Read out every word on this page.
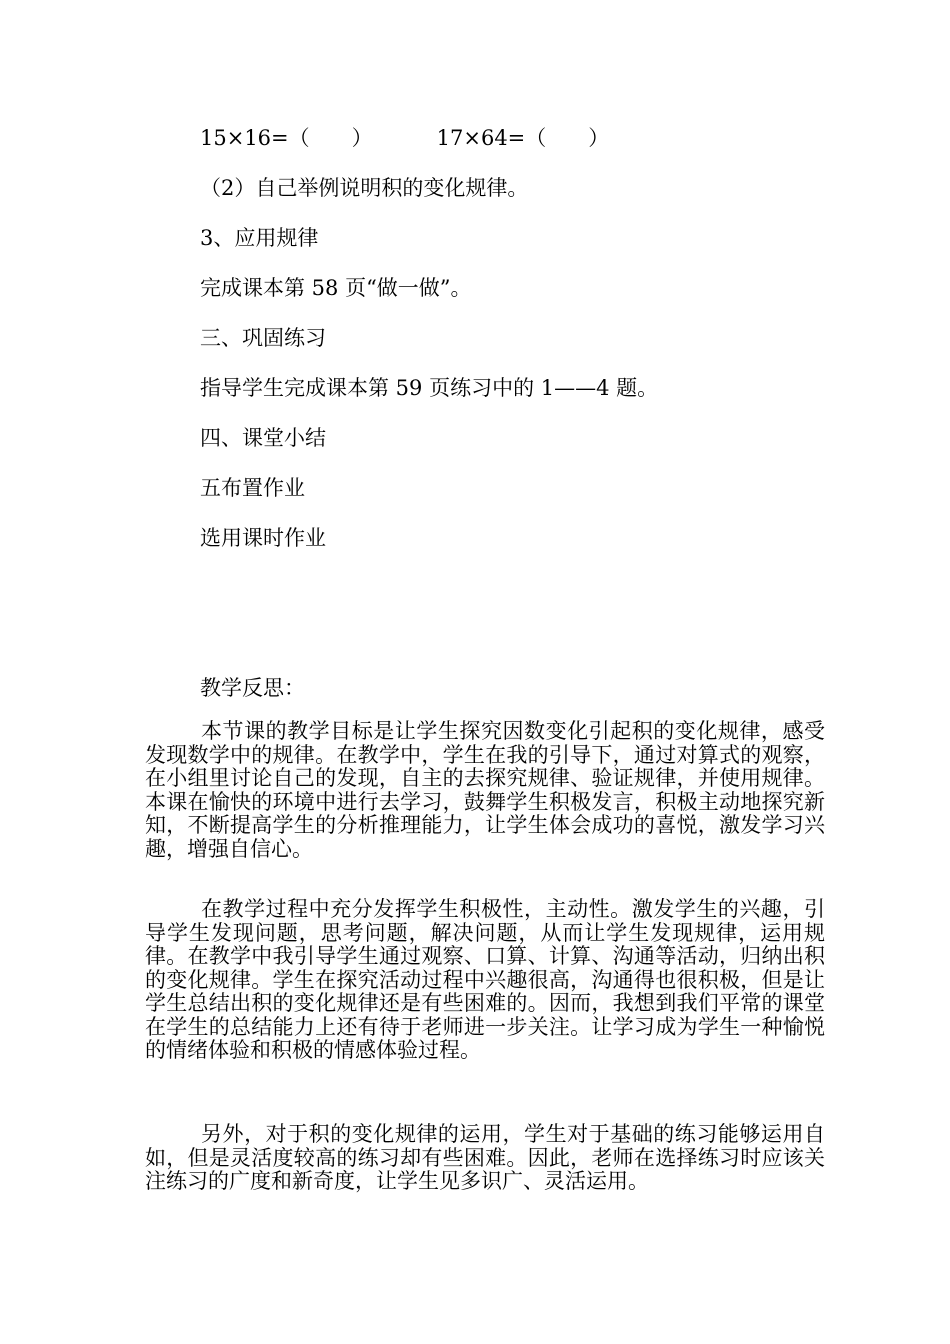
15×16=（　　）	17×64=（　　）
（2）自己举例说明积的变化规律。
3、应用规律
完成课本第 58 页“做一做”。
三、巩固练习
指导学生完成课本第 59 页练习中的 1——4 题。
四、课堂小结
五布置作业
选用课时作业
教学反思：

本节课的教学目标是让学生探究因数变化引起积的变化规律，感受发现数学中的规律。在教学中，学生在我的引导下，通过对算式的观察，在小组里讨论自己的发现，自主的去探究规律、验证规律，并使用规律。本课在愉快的环境中进行去学习，鼓舞学生积极发言，积极主动地探究新知，不断提高学生的分析推理能力，让学生体会成功的喜悦，激发学习兴趣，增强自信心。

在教学过程中充分发挥学生积极性，主动性。激发学生的兴趣，引导学生发现问题，思考问题，解决问题，从而让学生发现规律，运用规律。在教学中我引导学生通过观察、口算、计算、沟通等活动，归纳出积的变化规律。学生在探究活动过程中兴趣很高，沟通得也很积极，但是让学生总结出积的变化规律还是有些困难的。因而，我想到我们平常的课堂在学生的总结能力上还有待于老师进一步关注。让学习成为学生一种愉悦的情绪体验和积极的情感体验过程。

另外，对于积的变化规律的运用，学生对于基础的练习能够运用自如，但是灵活度较高的练习却有些困难。因此，老师在选择练习时应该关注练习的广度和新奇度，让学生见多识广、灵活运用。
